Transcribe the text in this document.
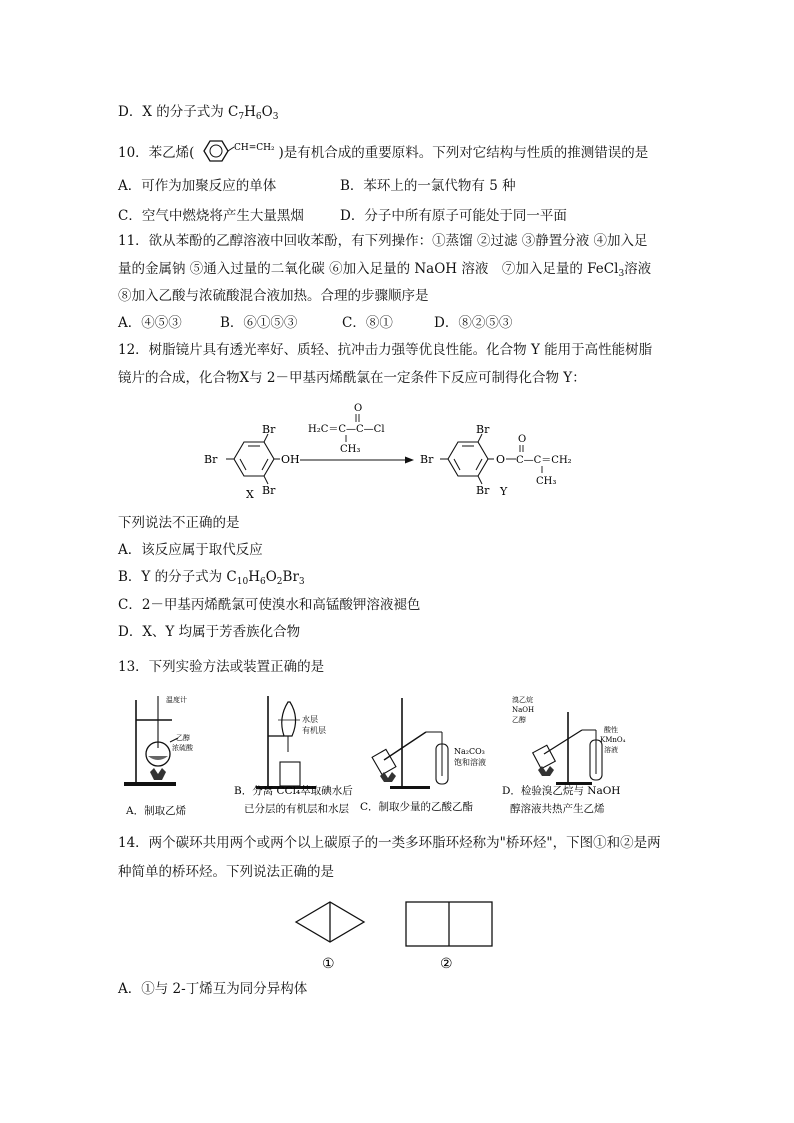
D．X 的分子式为 $C_7H_6O_3$
10．苯乙烯(	CH=CH₂ )是有机合成的重要原料。下列对它结构与性质的推测错误的是
A．可作为加聚反应的单体	B．苯环上的一氯代物有 5 种
C．空气中燃烧将产生大量黑烟	D．分子中所有原子可能处于同一平面
11．欲从苯酚的乙醇溶液中回收苯酚，有下列操作：①蒸馏 ②过滤 ③静置分液 ④加入足
量的金属钠 ⑤通入过量的二氧化碳 ⑥加入足量的 NaOH 溶液　⑦加入足量的 FeCl$_3$溶液
⑧加入乙酸与浓硫酸混合液加热。合理的步骤顺序是
A．④⑤③	B．⑥①⑤③	C．⑧①	D．⑧②⑤③
12．树脂镜片具有透光率好、质轻、抗冲击力强等优良性能。化合物 Y 能用于高性能树脂
镜片的合成，化合物X与 2－甲基丙烯酰氯在一定条件下反应可制得化合物 Y：
Br
Br
Br
OH
X
O
H₂C＝C—C—Cl
CH₃
Br
Br
Br
O
O
C—C＝CH₂
CH₃
Y
下列说法不正确的是
A．该反应属于取代反应
B．Y 的分子式为 $C_{10}H_6O_2Br_3$
C．2－甲基丙烯酰氯可使溴水和高锰酸钾溶液褪色
D．X、Y 均属于芳香族化合物
13．下列实验方法或装置正确的是
温度计
乙醇
浓硫酸
A．制取乙烯
水层
有机层
B．分离 CCl₄萃取碘水后
已分层的有机层和水层
Na₂CO₃
饱和溶液
C．制取少量的乙酸乙酯
溴乙烷
NaOH
乙醇
酸性
KMnO₄
溶液
D．检验溴乙烷与 NaOH
醇溶液共热产生乙烯
14．两个碳环共用两个或两个以上碳原子的一类多环脂环烃称为"桥环烃"，下图①和②是两
种简单的桥环烃。下列说法正确的是
①	②
A．①与 2-丁烯互为同分异构体
